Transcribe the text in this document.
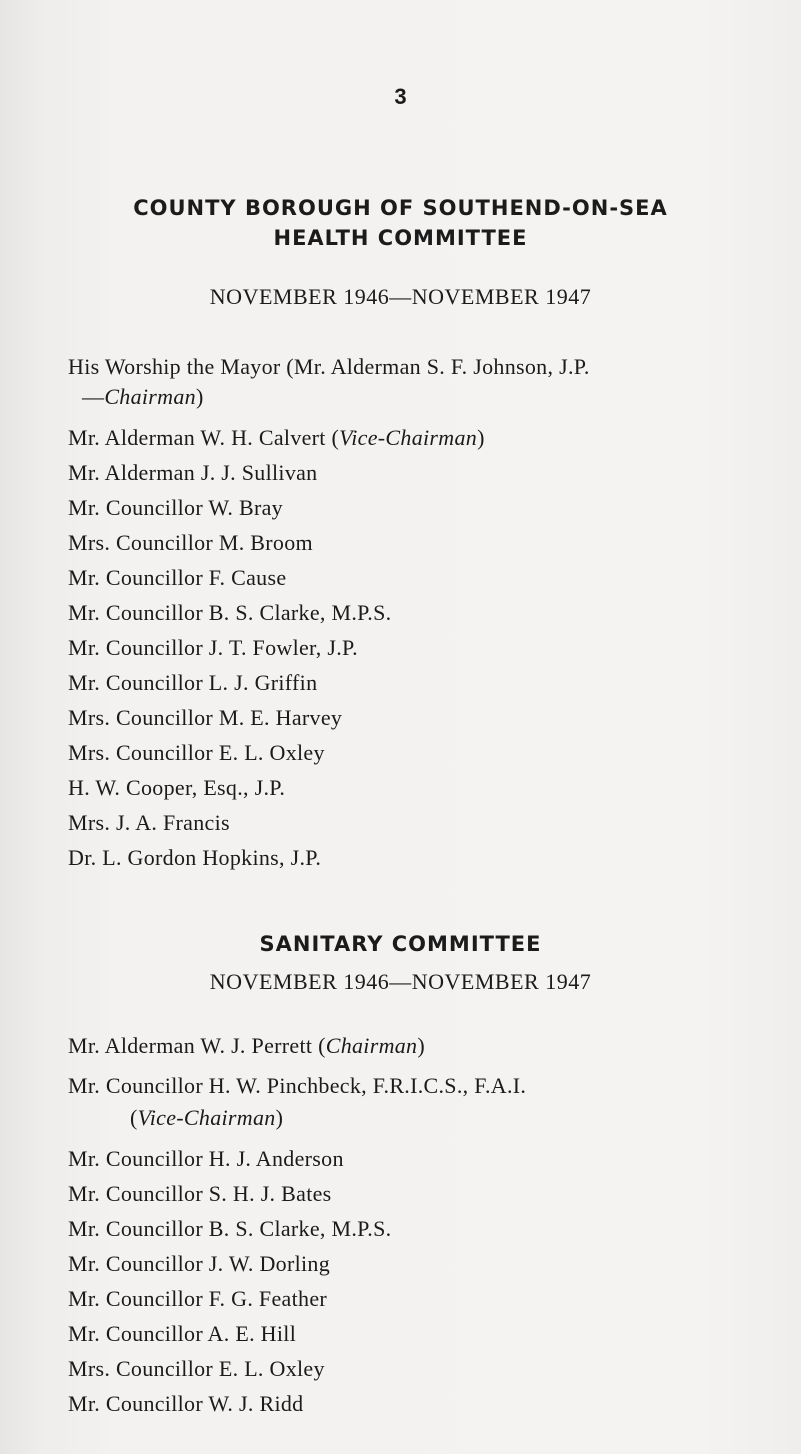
3
COUNTY BOROUGH OF SOUTHEND-ON-SEA
HEALTH COMMITTEE
NOVEMBER 1946—NOVEMBER 1947
His Worship the Mayor (Mr. Alderman S. F. Johnson, J.P.
—Chairman)
Mr. Alderman W. H. Calvert (Vice-Chairman)
Mr. Alderman J. J. Sullivan
Mr. Councillor W. Bray
Mrs. Councillor M. Broom
Mr. Councillor F. Cause
Mr. Councillor B. S. Clarke, M.P.S.
Mr. Councillor J. T. Fowler, J.P.
Mr. Councillor L. J. Griffin
Mrs. Councillor M. E. Harvey
Mrs. Councillor E. L. Oxley
H. W. Cooper, Esq., J.P.
Mrs. J. A. Francis
Dr. L. Gordon Hopkins, J.P.
SANITARY COMMITTEE
NOVEMBER 1946—NOVEMBER 1947
Mr. Alderman W. J. Perrett (Chairman)
Mr. Councillor H. W. Pinchbeck, F.R.I.C.S., F.A.I.
(Vice-Chairman)
Mr. Councillor H. J. Anderson
Mr. Councillor S. H. J. Bates
Mr. Councillor B. S. Clarke, M.P.S.
Mr. Councillor J. W. Dorling
Mr. Councillor F. G. Feather
Mr. Councillor A. E. Hill
Mrs. Councillor E. L. Oxley
Mr. Councillor W. J. Ridd
